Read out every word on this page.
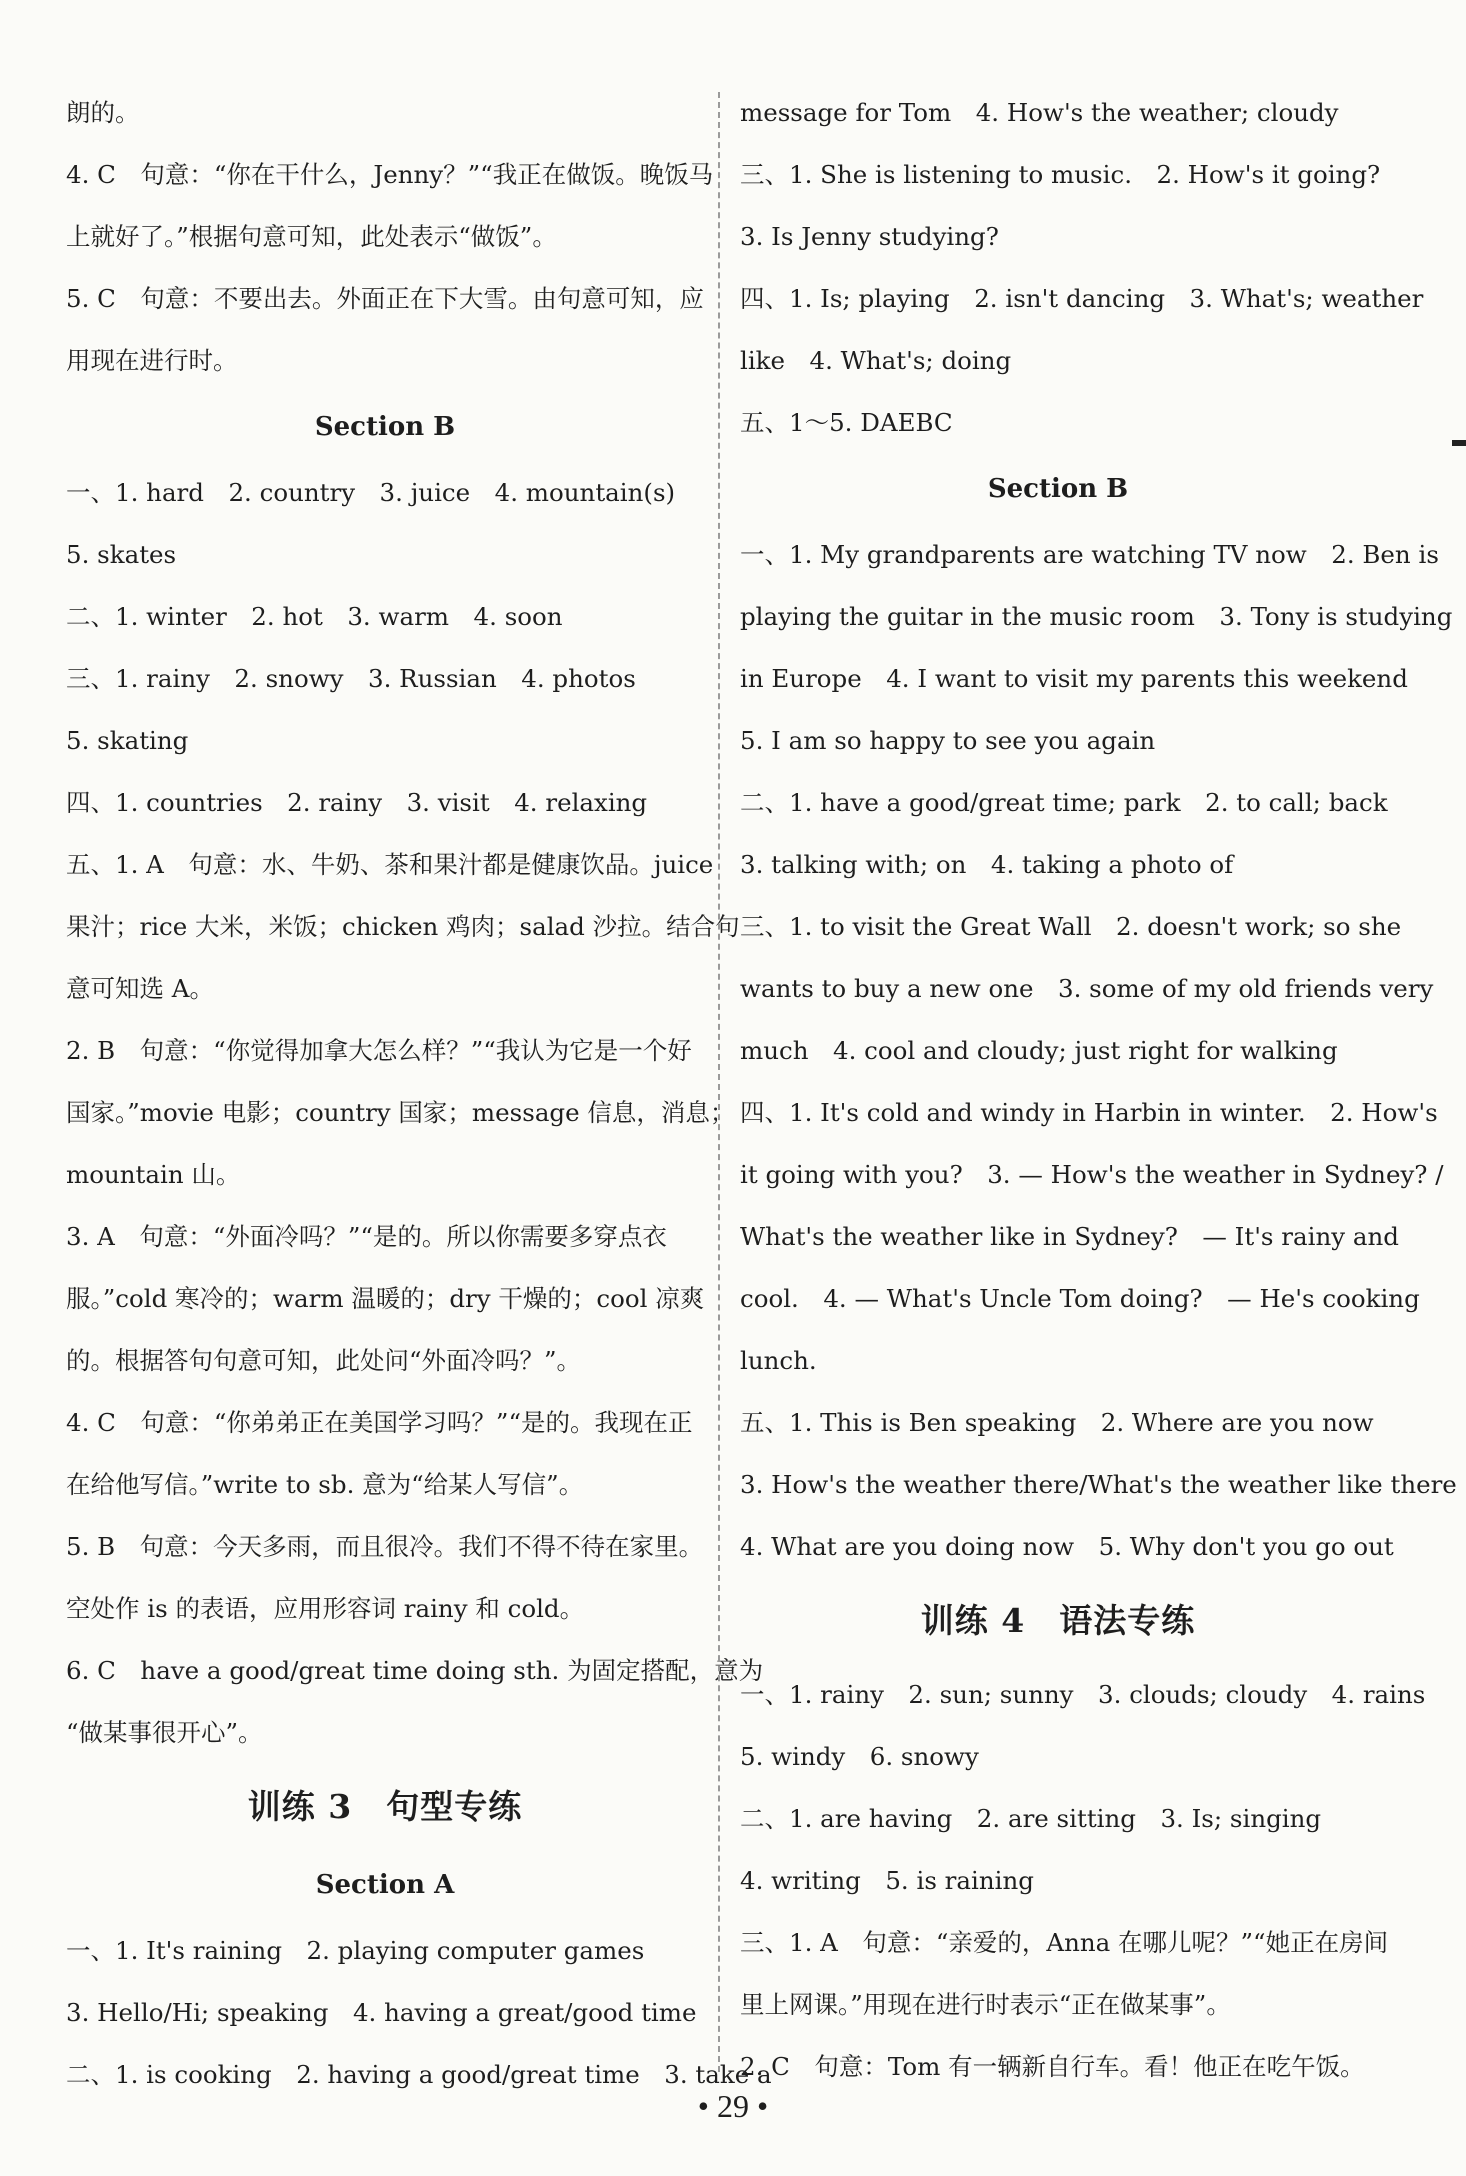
朗的。
4. C　句意：“你在干什么，Jenny？”“我正在做饭。晚饭马
上就好了。”根据句意可知，此处表示“做饭”。
5. C　句意：不要出去。外面正在下大雪。由句意可知，应
用现在进行时。
Section B
一、1. hard　2. country　3. juice　4. mountain(s)
5. skates
二、1. winter　2. hot　3. warm　4. soon
三、1. rainy　2. snowy　3. Russian　4. photos
5. skating
四、1. countries　2. rainy　3. visit　4. relaxing
五、1. A　句意：水、牛奶、茶和果汁都是健康饮品。juice
果汁；rice 大米，米饭；chicken 鸡肉；salad 沙拉。结合句
意可知选 A。
2. B　句意：“你觉得加拿大怎么样？”“我认为它是一个好
国家。”movie 电影；country 国家；message 信息，消息；
mountain 山。
3. A　句意：“外面冷吗？”“是的。所以你需要多穿点衣
服。”cold 寒冷的；warm 温暖的；dry 干燥的；cool 凉爽
的。根据答句句意可知，此处问“外面冷吗？”。
4. C　句意：“你弟弟正在美国学习吗？”“是的。我现在正
在给他写信。”write to sb. 意为“给某人写信”。
5. B　句意：今天多雨，而且很冷。我们不得不待在家里。
空处作 is 的表语，应用形容词 rainy 和 cold。
6. C　have a good/great time doing sth. 为固定搭配，意为
“做某事很开心”。
训练 3　句型专练
Section A
一、1. It's raining　2. playing computer games
3. Hello/Hi; speaking　4. having a great/good time
二、1. is cooking　2. having a good/great time　3. take a
message for Tom　4. How's the weather; cloudy
三、1. She is listening to music.　2. How's it going?
3. Is Jenny studying?
四、1. Is; playing　2. isn't dancing　3. What's; weather
like　4. What's; doing
五、1～5. DAEBC
Section B
一、1. My grandparents are watching TV now　2. Ben is
playing the guitar in the music room　3. Tony is studying
in Europe　4. I want to visit my parents this weekend
5. I am so happy to see you again
二、1. have a good/great time; park　2. to call; back
3. talking with; on　4. taking a photo of
三、1. to visit the Great Wall　2. doesn't work; so she
wants to buy a new one　3. some of my old friends very
much　4. cool and cloudy; just right for walking
四、1. It's cold and windy in Harbin in winter.　2. How's
it going with you?　3. — How's the weather in Sydney? /
What's the weather like in Sydney?　— It's rainy and
cool.　4. — What's Uncle Tom doing?　— He's cooking
lunch.
五、1. This is Ben speaking　2. Where are you now
3. How's the weather there/What's the weather like there
4. What are you doing now　5. Why don't you go out
训练 4　语法专练
一、1. rainy　2. sun; sunny　3. clouds; cloudy　4. rains
5. windy　6. snowy
二、1. are having　2. are sitting　3. Is; singing
4. writing　5. is raining
三、1. A　句意：“亲爱的，Anna 在哪儿呢？”“她正在房间
里上网课。”用现在进行时表示“正在做某事”。
2. C　句意：Tom 有一辆新自行车。看！他正在吃午饭。
• 29 •
